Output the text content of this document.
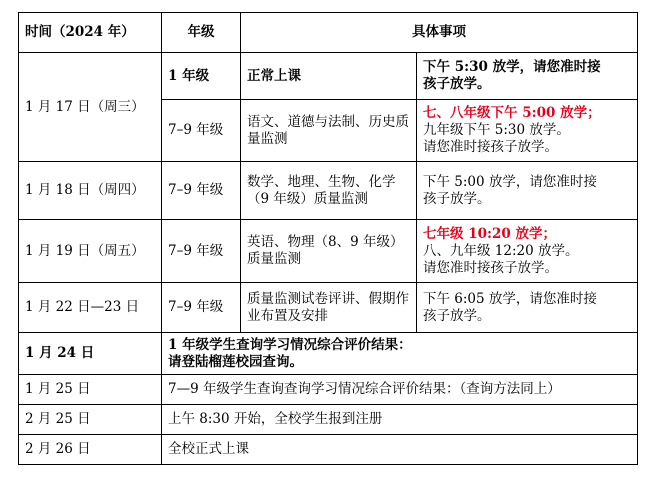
时间（2024 年）	年级	具体事项	
1 月 17 日（周三）	1 年级	正常上课	下午 5:30 放学，请您准时接
孩子放学。

	7–9 年级	语文、道德与法制、历史质量监测	七、八年级下午 5:00 放学；
九年级下午 5:30 放学。
请您准时接孩子放学。

1 月 18 日（周四）	7–9 年级	数学、地理、生物、化学（9 年级）质量监测	下午 5:00 放学，请您准时接
孩子放学。

1 月 19 日（周五）	7–9 年级	英语、物理（8、9 年级）质量监测	七年级 10:20 放学；
八、九年级 12:20 放学。
请您准时接孩子放学。

1 月 22 日—23 日	7–9 年级	质量监测试卷评讲、假期作业布置及安排	下午 6:05 放学，请您准时接
孩子放学。

1 月 24 日	1 年级学生查询学习情况综合评价结果：
请登陆榴莲校园查询。		

1 月 25 日	7—9 年级学生查询查询学习情况综合评价结果：（查询方法同上）		
2 月 25 日	上午 8:30 开始，全校学生报到注册		
2 月 26 日	全校正式上课		
